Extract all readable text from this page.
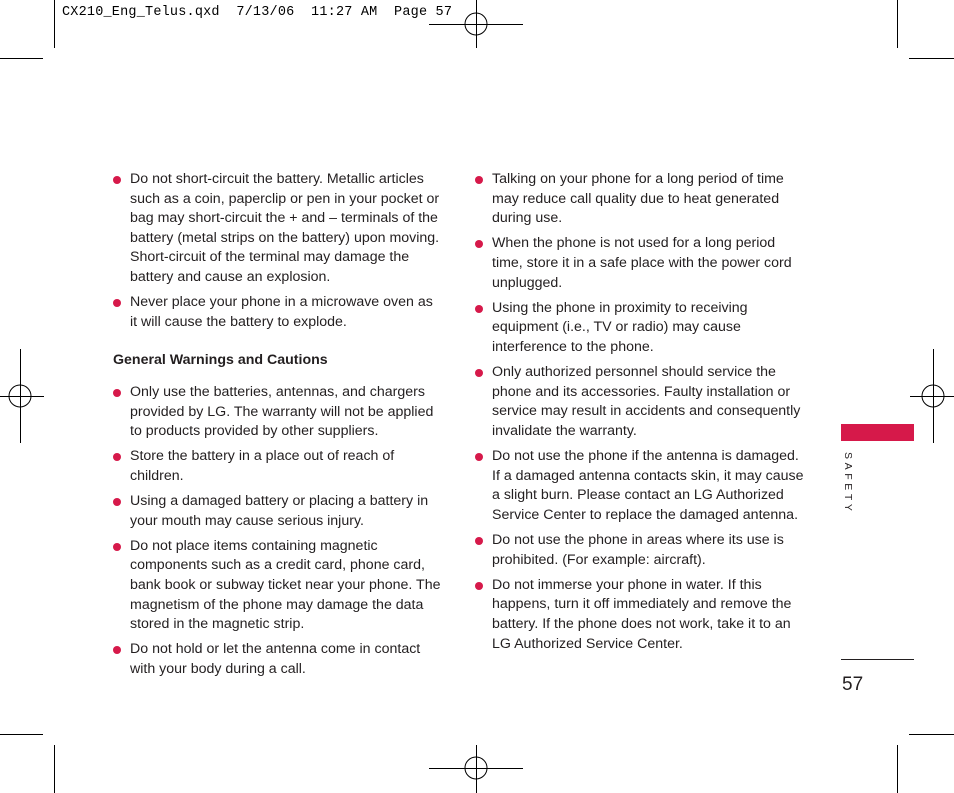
CX210_Eng_Telus.qxd  7/13/06  11:27 AM  Page 57
Do not short-circuit the battery. Metallic articles such as a coin, paperclip or pen in your pocket or bag may short-circuit the + and – terminals of the battery (metal strips on the battery) upon moving. Short-circuit of the terminal may damage the battery and cause an explosion.
Never place your phone in a microwave oven as it will cause the battery to explode.
General Warnings and Cautions
Only use the batteries, antennas, and chargers provided by LG. The warranty will not be applied to products provided by other suppliers.
Store the battery in a place out of reach of children.
Using a damaged battery or placing a battery in your mouth may cause serious injury.
Do not place items containing magnetic components such as a credit card, phone card, bank book or subway ticket near your phone. The magnetism of the phone may damage the data stored in the magnetic strip.
Do not hold or let the antenna come in contact with your body during a call.
Talking on your phone for a long period of time may reduce call quality due to heat generated during use.
When the phone is not used for a long period time, store it in a safe place with the power cord unplugged.
Using the phone in proximity to receiving equipment (i.e., TV or radio) may cause interference to the phone.
Only authorized personnel should service the phone and its accessories. Faulty installation or service may result in accidents and consequently invalidate the warranty.
Do not use the phone if the antenna is damaged. If a damaged antenna contacts skin, it may cause a slight burn. Please contact an LG Authorized Service Center to replace the damaged antenna.
Do not use the phone in areas where its use is prohibited. (For example: aircraft).
Do not immerse your phone in water. If this happens, turn it off immediately and remove the battery. If the phone does not work, take it to an LG Authorized Service Center.
SAFETY
57
